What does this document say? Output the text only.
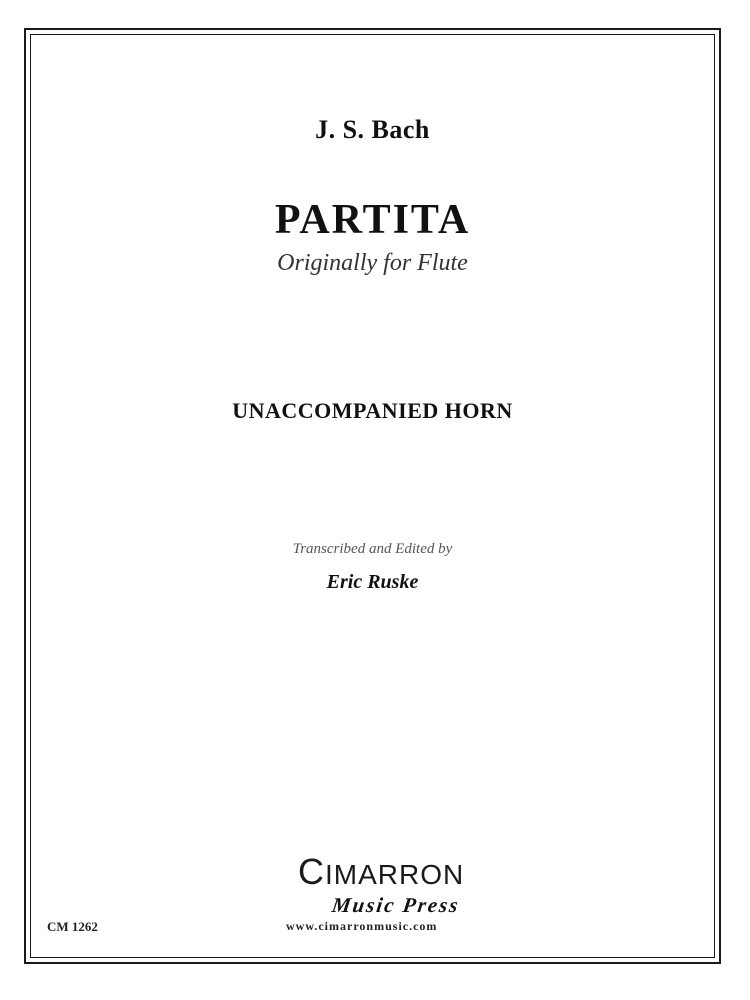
J. S. Bach
PARTITA
Originally for Flute
UNACCOMPANIED HORN
Transcribed and Edited by
Eric Ruske
CIMARRON
Music Press
www.cimarronmusic.com
CM 1262
